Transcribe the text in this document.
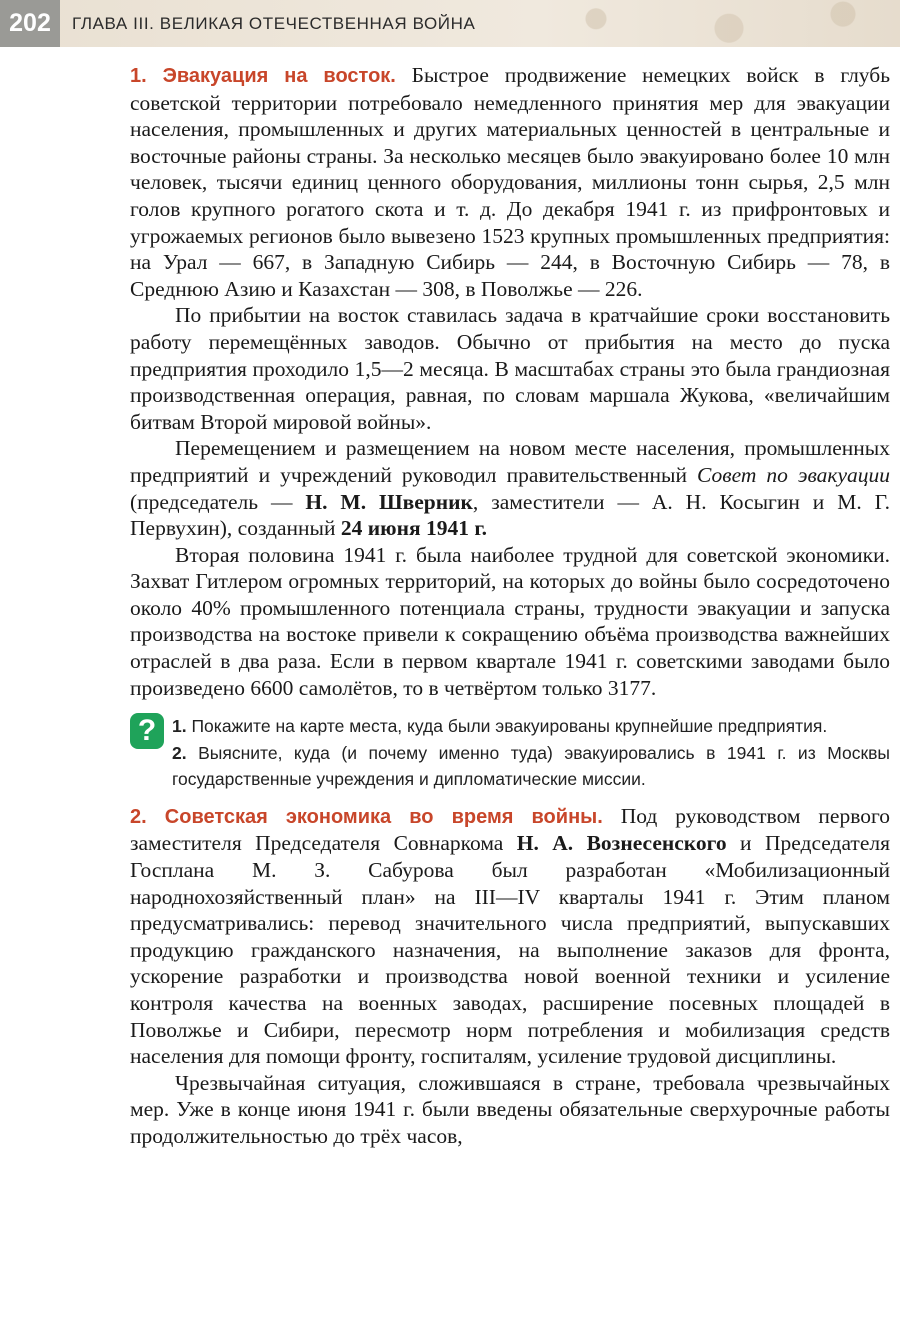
202	ГЛАВА III. ВЕЛИКАЯ ОТЕЧЕСТВЕННАЯ ВОЙНА

1. Эвакуация на восток. Быстрое продвижение немецких войск в глубь советской территории потребовало немедленного принятия мер для эвакуации населения, промышленных и других материальных ценностей в центральные и восточные районы страны. За несколько месяцев было эвакуировано более 10 млн человек, тысячи единиц ценного оборудования, миллионы тонн сырья, 2,5 млн голов крупного рогатого скота и т. д. До декабря 1941 г. из прифронтовых и угрожаемых регионов было вывезено 1523 крупных промышленных предприятия: на Урал — 667, в Западную Сибирь — 244, в Восточную Сибирь — 78, в Среднюю Азию и Казахстан — 308, в Поволжье — 226.

По прибытии на восток ставилась задача в кратчайшие сроки восстановить работу перемещённых заводов. Обычно от прибытия на место до пуска предприятия проходило 1,5—2 месяца. В масштабах страны это была грандиозная производственная операция, равная, по словам маршала Жукова, «величайшим битвам Второй мировой войны».

Перемещением и размещением на новом месте населения, промышленных предприятий и учреждений руководил правительственный Совет по эвакуации (председатель — Н. М. Шверник, заместители — А. Н. Косыгин и М. Г. Первухин), созданный 24 июня 1941 г.

Вторая половина 1941 г. была наиболее трудной для советской экономики. Захват Гитлером огромных территорий, на которых до войны было сосредоточено около 40% промышленного потенциала страны, трудности эвакуации и запуска производства на востоке привели к сокращению объёма производства важнейших отраслей в два раза. Если в первом квартале 1941 г. советскими заводами было произведено 6600 самолётов, то в четвёртом только 3177.

? 1. Покажите на карте места, куда были эвакуированы крупнейшие предприятия.

2. Выясните, куда (и почему именно туда) эвакуировались в 1941 г. из Москвы государственные учреждения и дипломатические миссии.

2. Советская экономика во время войны. Под руководством первого заместителя Председателя Совнаркома Н. А. Вознесенского и Председателя Госплана М. З. Сабурова был разработан «Мобилизационный народнохозяйственный план» на III—IV кварталы 1941 г. Этим планом предусматривались: перевод значительного числа предприятий, выпускавших продукцию гражданского назначения, на выполнение заказов для фронта, ускорение разработки и производства новой военной техники и усиление контроля качества на военных заводах, расширение посевных площадей в Поволжье и Сибири, пересмотр норм потребления и мобилизация средств населения для помощи фронту, госпиталям, усиление трудовой дисциплины.

Чрезвычайная ситуация, сложившаяся в стране, требовала чрезвычайных мер. Уже в конце июня 1941 г. были введены обязательные сверхурочные работы продолжительностью до трёх часов,
